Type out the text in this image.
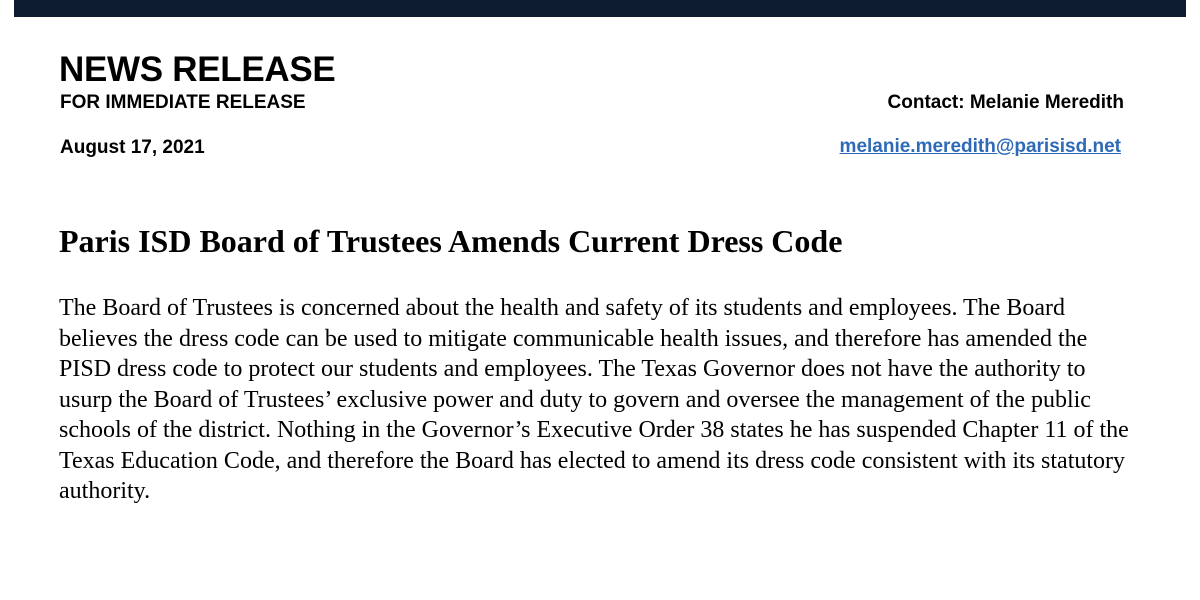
NEWS RELEASE
FOR IMMEDIATE RELEASE	Contact: Melanie Meredith
August 17, 2021	melanie.meredith@parisisd.net
Paris ISD Board of Trustees Amends Current Dress Code

The Board of Trustees is concerned about the health and safety of its students and employees. The Board believes the dress code can be used to mitigate communicable health issues, and therefore has amended the PISD dress code to protect our students and employees. The Texas Governor does not have the authority to usurp the Board of Trustees’ exclusive power and duty to govern and oversee the management of the public schools of the district. Nothing in the Governor’s Executive Order 38 states he has suspended Chapter 11 of the Texas Education Code, and therefore the Board has elected to amend its dress code consistent with its statutory authority.
